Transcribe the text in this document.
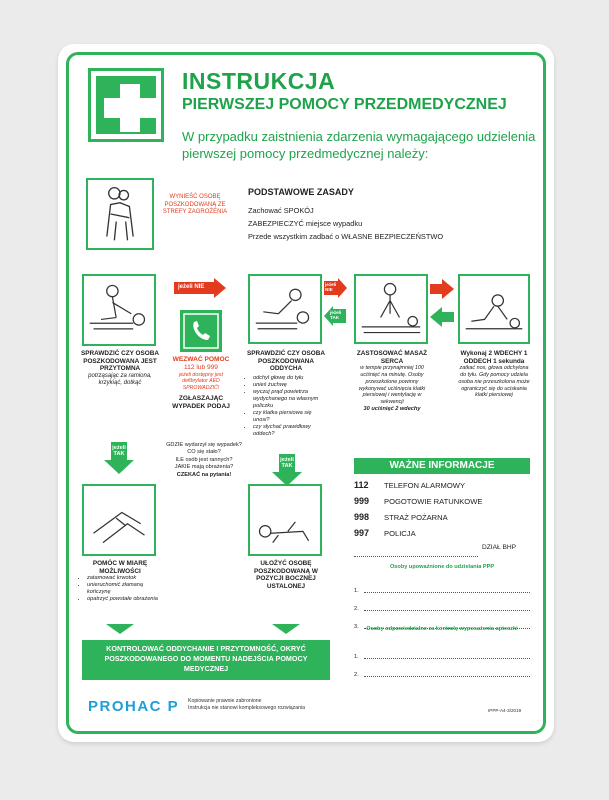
INSTRUKCJA
PIERWSZEJ POMOCY PRZEDMEDYCZNEJ
W przypadku zaistnienia zdarzenia wymagającego udzielenia pierwszej pomocy przedmedycznej należy:
WYNIEŚĆ OSOBĘ POSZKODOWANĄ ZE STREFY ZAGROŻENIA
PODSTAWOWE ZASADY
Zachować SPOKÓJ
ZABEZPIECZYĆ miejsce wypadku
Przede wszystkim zadbać o WŁASNE BEZPIECZEŃSTWO
jeżeli NIE	jeżeli NIE
jeżeli TAK
SPRAWDZIĆ CZY OSOBA POSZKODOWANA JEST PRZYTOMNA
potrząsając za ramiona, krzykiąć, dotkąć
WEZWAĆ POMOC
112 lub 999
jeżeli dostępny jest defibrylator AED SPROWADZIĆ!
ZGŁASZAJĄC WYPADEK PODAJ
GDZIE wydarzył się wypadek?
CO się stało?
ILE osób jest rannych?
JAKIE mają obrażenia?
CZEKAĆ na pytania!
SPRAWDZIĆ CZY OSOBA POSZKODOWANA ODDYCHA
• odchyl głowę do tyłu
• unieś żuchwę
• wyczuj prąd powietrza wydychanego na własnym policzku
• czy klatka piersiowa się unosi?
• czy słychać prawidłowy oddech?
ZASTOSOWAĆ MASAŻ SERCA
w tempie przynajmniej 100 uciśnięć na minutę. Osoby przeszkolone powinny wykonywać uciśnięcia klatki piersiowej i wentylację w sekwencji
30 uciśnięć 2 wdechy
Wykonaj 2 WDECHY 1 ODDECH 1 sekunda
zatkać nos, głowa odchylona do tyłu. Gdy pomocy udziela osoba nie przeszkolona może ograniczyć się do uciskania klatki piersiowej
jeżeli TAK
jeżeli TAK
POMÓC W MIARĘ MOŻLIWOŚCI
• zatamować krwotok
• unieruchomić złamaną kończynę
• opatrzyć powstałe obrażenia
UŁOŻYĆ OSOBĘ POSZKODOWANĄ W POZYCJI BOCZNEJ USTALONEJ
KONTROLOWAĆ ODDYCHANIE I PRZYTOMNOŚĆ, OKRYĆ POSZKODOWANEGO DO MOMENTU NADEJŚCIA POMOCY MEDYCZNEJ
WAŻNE INFORMACJE
112 TELEFON ALARMOWY
999 POGOTOWIE RATUNKOWE
998 STRAŻ POŻARNA
997 POLICJA
DZIAŁ BHP
Osoby upoważnione do udzielania PPP
1.
2.
3.	Osoby odpowiedzialne za kontrolę wyposażenia apteczki
1.
2.
PROHAC P Kopiowanie prawnie zabronione
Instrukcja nie stanowi kompleksowego rozwiązania	IPPP-A4-3/2019
